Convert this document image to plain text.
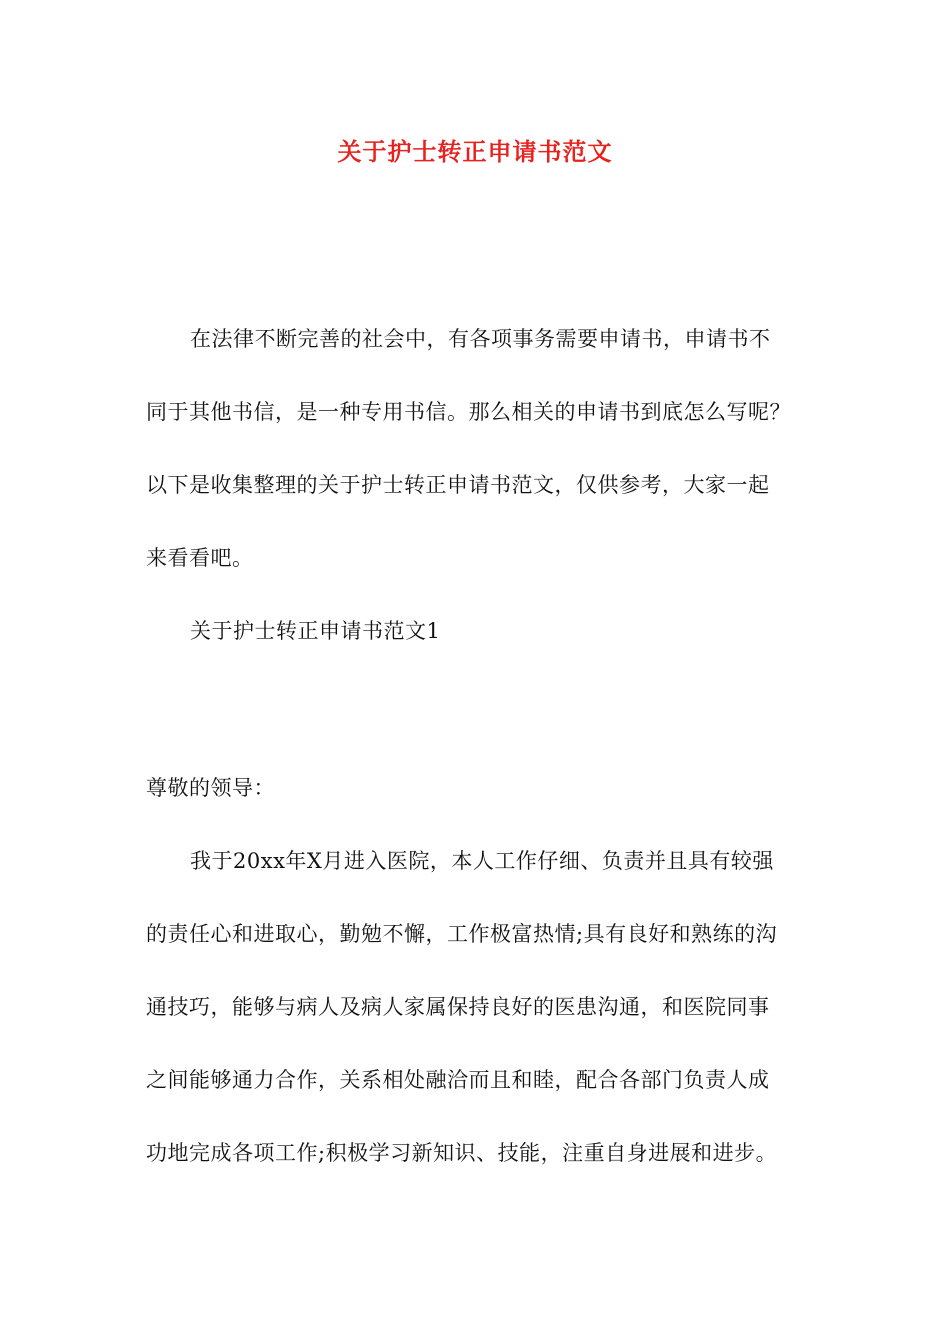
关于护士转正申请书范文
在法律不断完善的社会中，有各项事务需要申请书，申请书不
同于其他书信，是一种专用书信。那么相关的申请书到底怎么写呢？
以下是收集整理的关于护士转正申请书范文，仅供参考，大家一起
来看看吧。
关于护士转正申请书范文1
尊敬的领导：
我于20xx年X月进入医院，本人工作仔细、负责并且具有较强
的责任心和进取心，勤勉不懈，工作极富热情;具有良好和熟练的沟
通技巧，能够与病人及病人家属保持良好的医患沟通，和医院同事
之间能够通力合作，关系相处融洽而且和睦，配合各部门负责人成
功地完成各项工作;积极学习新知识、技能，注重自身进展和进步。
